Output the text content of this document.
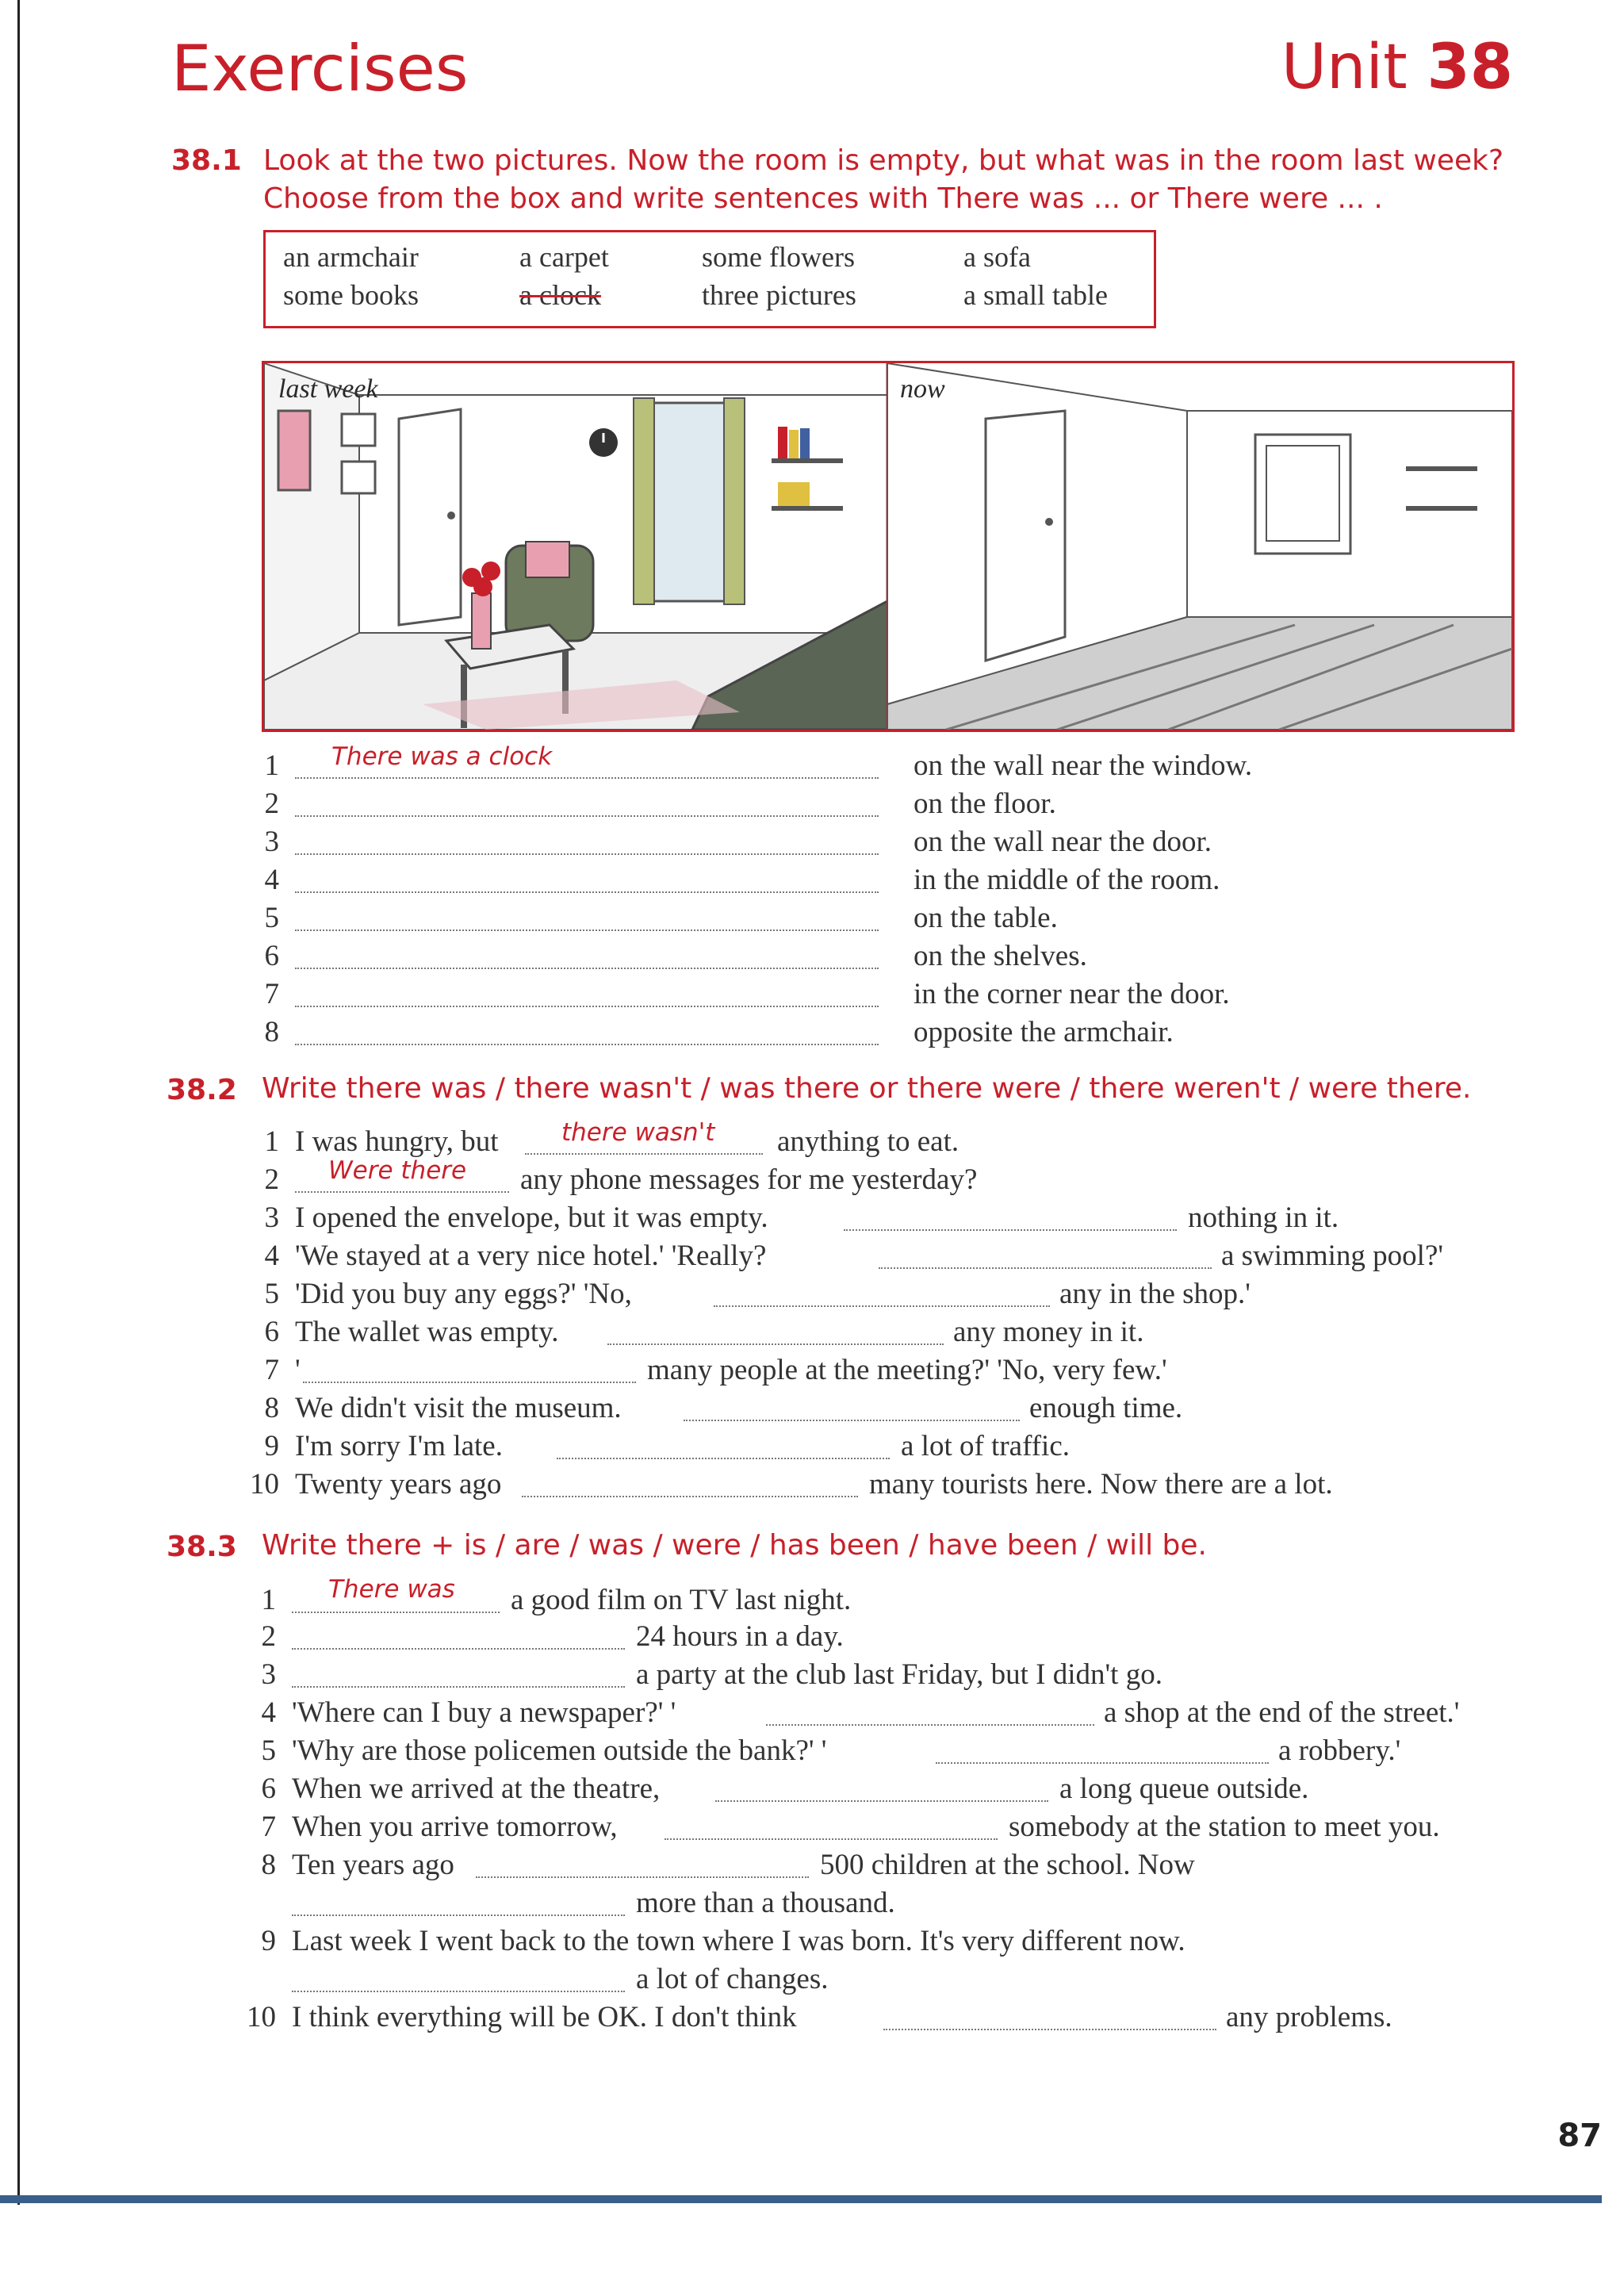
Exercises	Unit 38
38.1 Look at the two pictures. Now the room is empty, but what was in the room last week?
Choose from the box and write sentences with There was ... or There were ... .
an armchair
some books
a carpet
a clock
some flowers
three pictures
a sofa
a small table
last week	now
1 There was a clock	on the wall near the window.
2	on the floor.
3	on the wall near the door.
4	in the middle of the room.
5	on the table.
6	on the shelves.
7	in the corner near the door.
8	opposite the armchair.
38.2 Write there was / there wasn't / was there or there were / there weren't / were there.
1 I was hungry, but	there wasn't anything to eat.
2 Were there any phone messages for me yesterday?
3 I opened the envelope, but it was empty.	nothing in it.
4 'We stayed at a very nice hotel.' 'Really?	a swimming pool?'
5 'Did you buy any eggs?' 'No,	any in the shop.'
6 The wallet was empty.	any money in it.
7 '	many people at the meeting?' 'No, very few.'
8 We didn't visit the museum.	enough time.
9 I'm sorry I'm late.	a lot of traffic.
10 Twenty years ago	many tourists here. Now there are a lot.
38.3 Write there + is / are / was / were / has been / have been / will be.
1 There was a good film on TV last night.
2	24 hours in a day.
3	a party at the club last Friday, but I didn't go.
4 'Where can I buy a newspaper?' '	a shop at the end of the street.'
5 'Why are those policemen outside the bank?' '	a robbery.'
6 When we arrived at the theatre,	a long queue outside.
7 When you arrive tomorrow,	somebody at the station to meet you.
8 Ten years ago	500 children at the school. Now
more than a thousand.
9 Last week I went back to the town where I was born. It's very different now.
a lot of changes.
10 I think everything will be OK. I don't think	any problems.
87
